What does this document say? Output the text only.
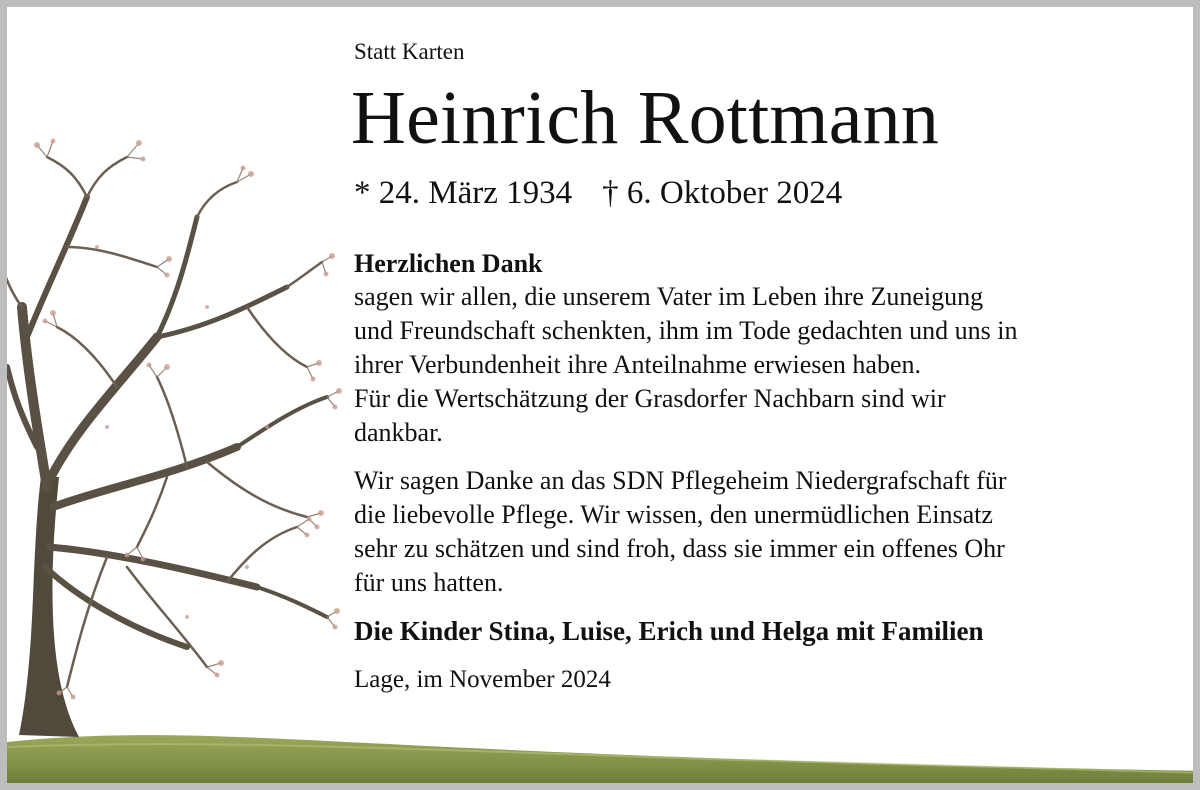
Statt Karten

Heinrich Rottmann
* 24. März 1934 † 6. Oktober 2024
Herzlichen Dank

sagen wir allen, die unserem Vater im Leben ihre Zuneigung
und Freundschaft schenkten, ihm im Tode gedachten und uns in
ihrer Verbundenheit ihre Anteilnahme erwiesen haben.
Für die Wertschätzung der Grasdorfer Nachbarn sind wir
dankbar.

Wir sagen Danke an das SDN Pflegeheim Niedergrafschaft für
die liebevolle Pflege. Wir wissen, den unermüdlichen Einsatz
sehr zu schätzen und sind froh, dass sie immer ein offenes Ohr
für uns hatten.

Die Kinder Stina, Luise, Erich und Helga mit Familien
Lage, im November 2024
